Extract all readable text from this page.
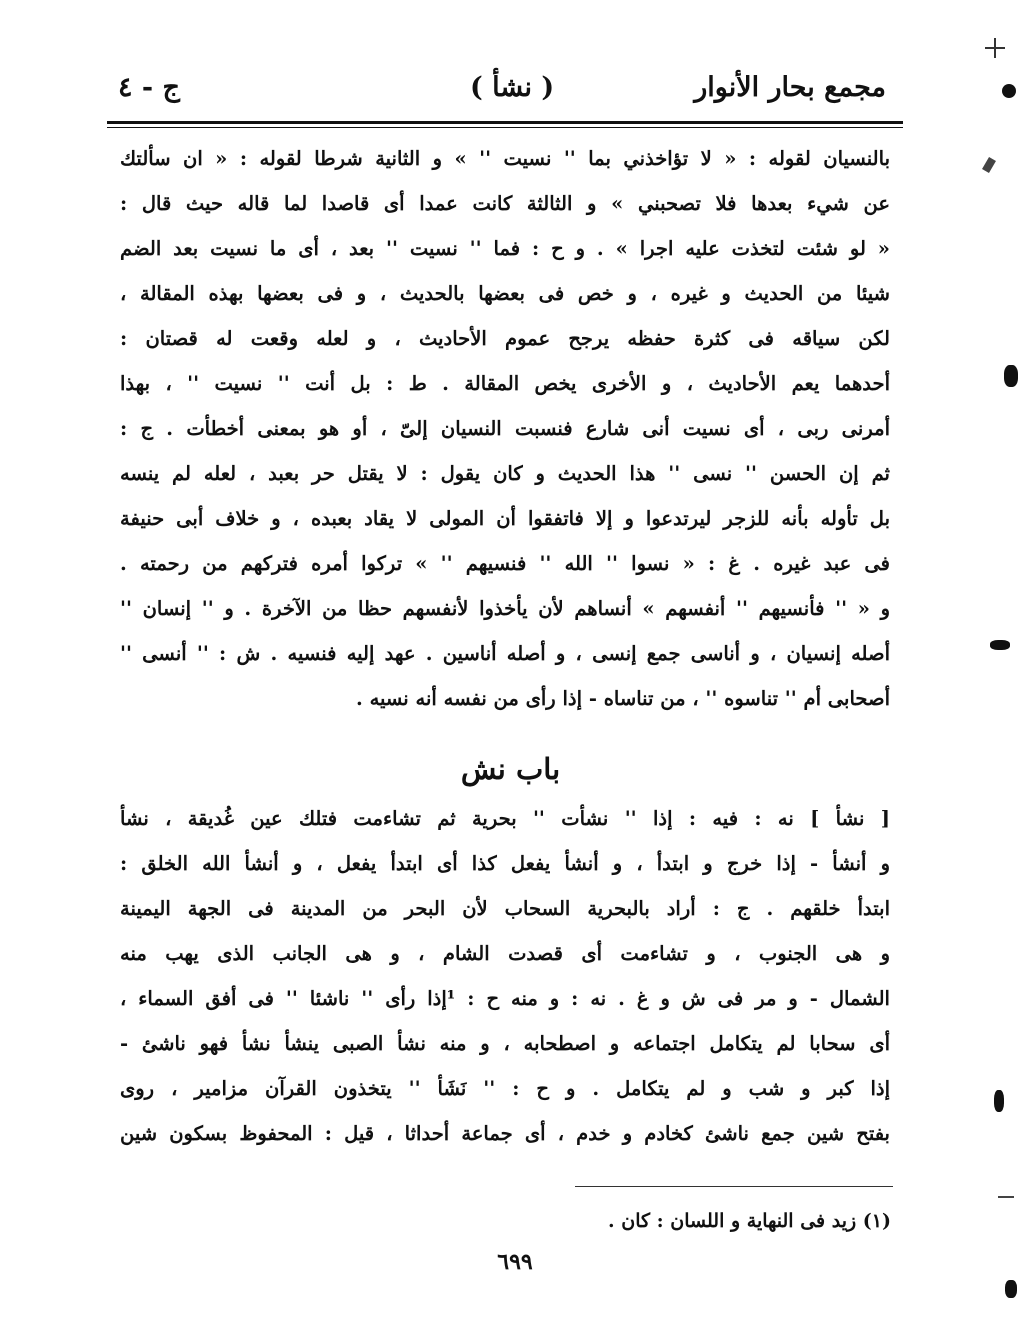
مجمع بحار الأنوار
( نشأ )
ج - ٤
بالنسيان لقوله : « لا تؤاخذني بما '' نسيت '' » و الثانية شرطا لقوله : « ان سألتك
عن شيء بعدها فلا تصحبني » و الثالثة كانت عمدا أى قاصدا لما قاله حيث قال :
« لو شئت لتخذت عليه اجرا » . و ح : فما '' نسيت '' بعد ، أى ما نسيت بعد الضم
شيئا من الحديث و غيره ، و خص فى بعضها بالحديث ، و فى بعضها بهذه المقالة ،
لكن سياقه فى كثرة حفظه يرجح عموم الأحاديث ، و لعله وقعت له قصتان :
أحدهما يعم الأحاديث ، و الأخرى يخص المقالة . ط : بل أنت '' نسيت '' ، بهذا
أمرنى ربى ، أى نسيت أنى شارع فنسبت النسيان إلىّ ، أو هو بمعنى أخطأت . ج :
ثم إن الحسن '' نسى '' هذا الحديث و كان يقول : لا يقتل حر بعبد ، لعله لم ينسه
بل تأوله بأنه للزجر ليرتدعوا و إلا فاتفقوا أن المولى لا يقاد بعبده ، و خلاف أبى حنيفة
فى عبد غيره . غ : « نسوا '' الله '' فنسيهم '' » تركوا أمره فتركهم من رحمته .
و « '' فأنسيهم '' أنفسهم » أنساهم لأن يأخذوا لأنفسهم حظا من الآخرة . و '' إنسان ''
أصله إنسيان ، و أناسى جمع إنسى ، و أصله أناسين . عهد إليه فنسيه . ش : '' أنسى ''
أصحابى أم '' تناسوه '' ، من تناساه - إذا رأى من نفسه أنه نسيه .
باب نش
[ نشأ ] نه : فيه : إذا '' نشأت '' بحرية ثم تشاءمت فتلك عين غُديقة ، نشأ
و أنشأ - إذا خرج و ابتدأ ، و أنشأ يفعل كذا أى ابتدأ يفعل ، و أنشأ الله الخلق :
ابتدأ خلقهم . ج : أراد بالبحرية السحاب لأن البحر من المدينة فى الجهة اليمينة
و هى الجنوب ، و تشاءمت أى قصدت الشام ، و هى الجانب الذى يهب منه
الشمال - و مر فى ش و غ . نه : و منه ح : ¹إذا رأى '' ناشئا '' فى أفق السماء ،
أى سحابا لم يتكامل اجتماعه و اصطحابه ، و منه نشأ الصبى ينشأ نشأ فهو ناشئ -
إذا كبر و شب و لم يتكامل . و ح : '' نَشَأ '' يتخذون القرآن مزامير ، روى
بفتح شين جمع ناشئ كخادم و خدم ، أى جماعة أحداثا ، قيل : المحفوظ بسكون شين
(١) زيد فى النهاية و اللسان : كان .
٦٩٩
